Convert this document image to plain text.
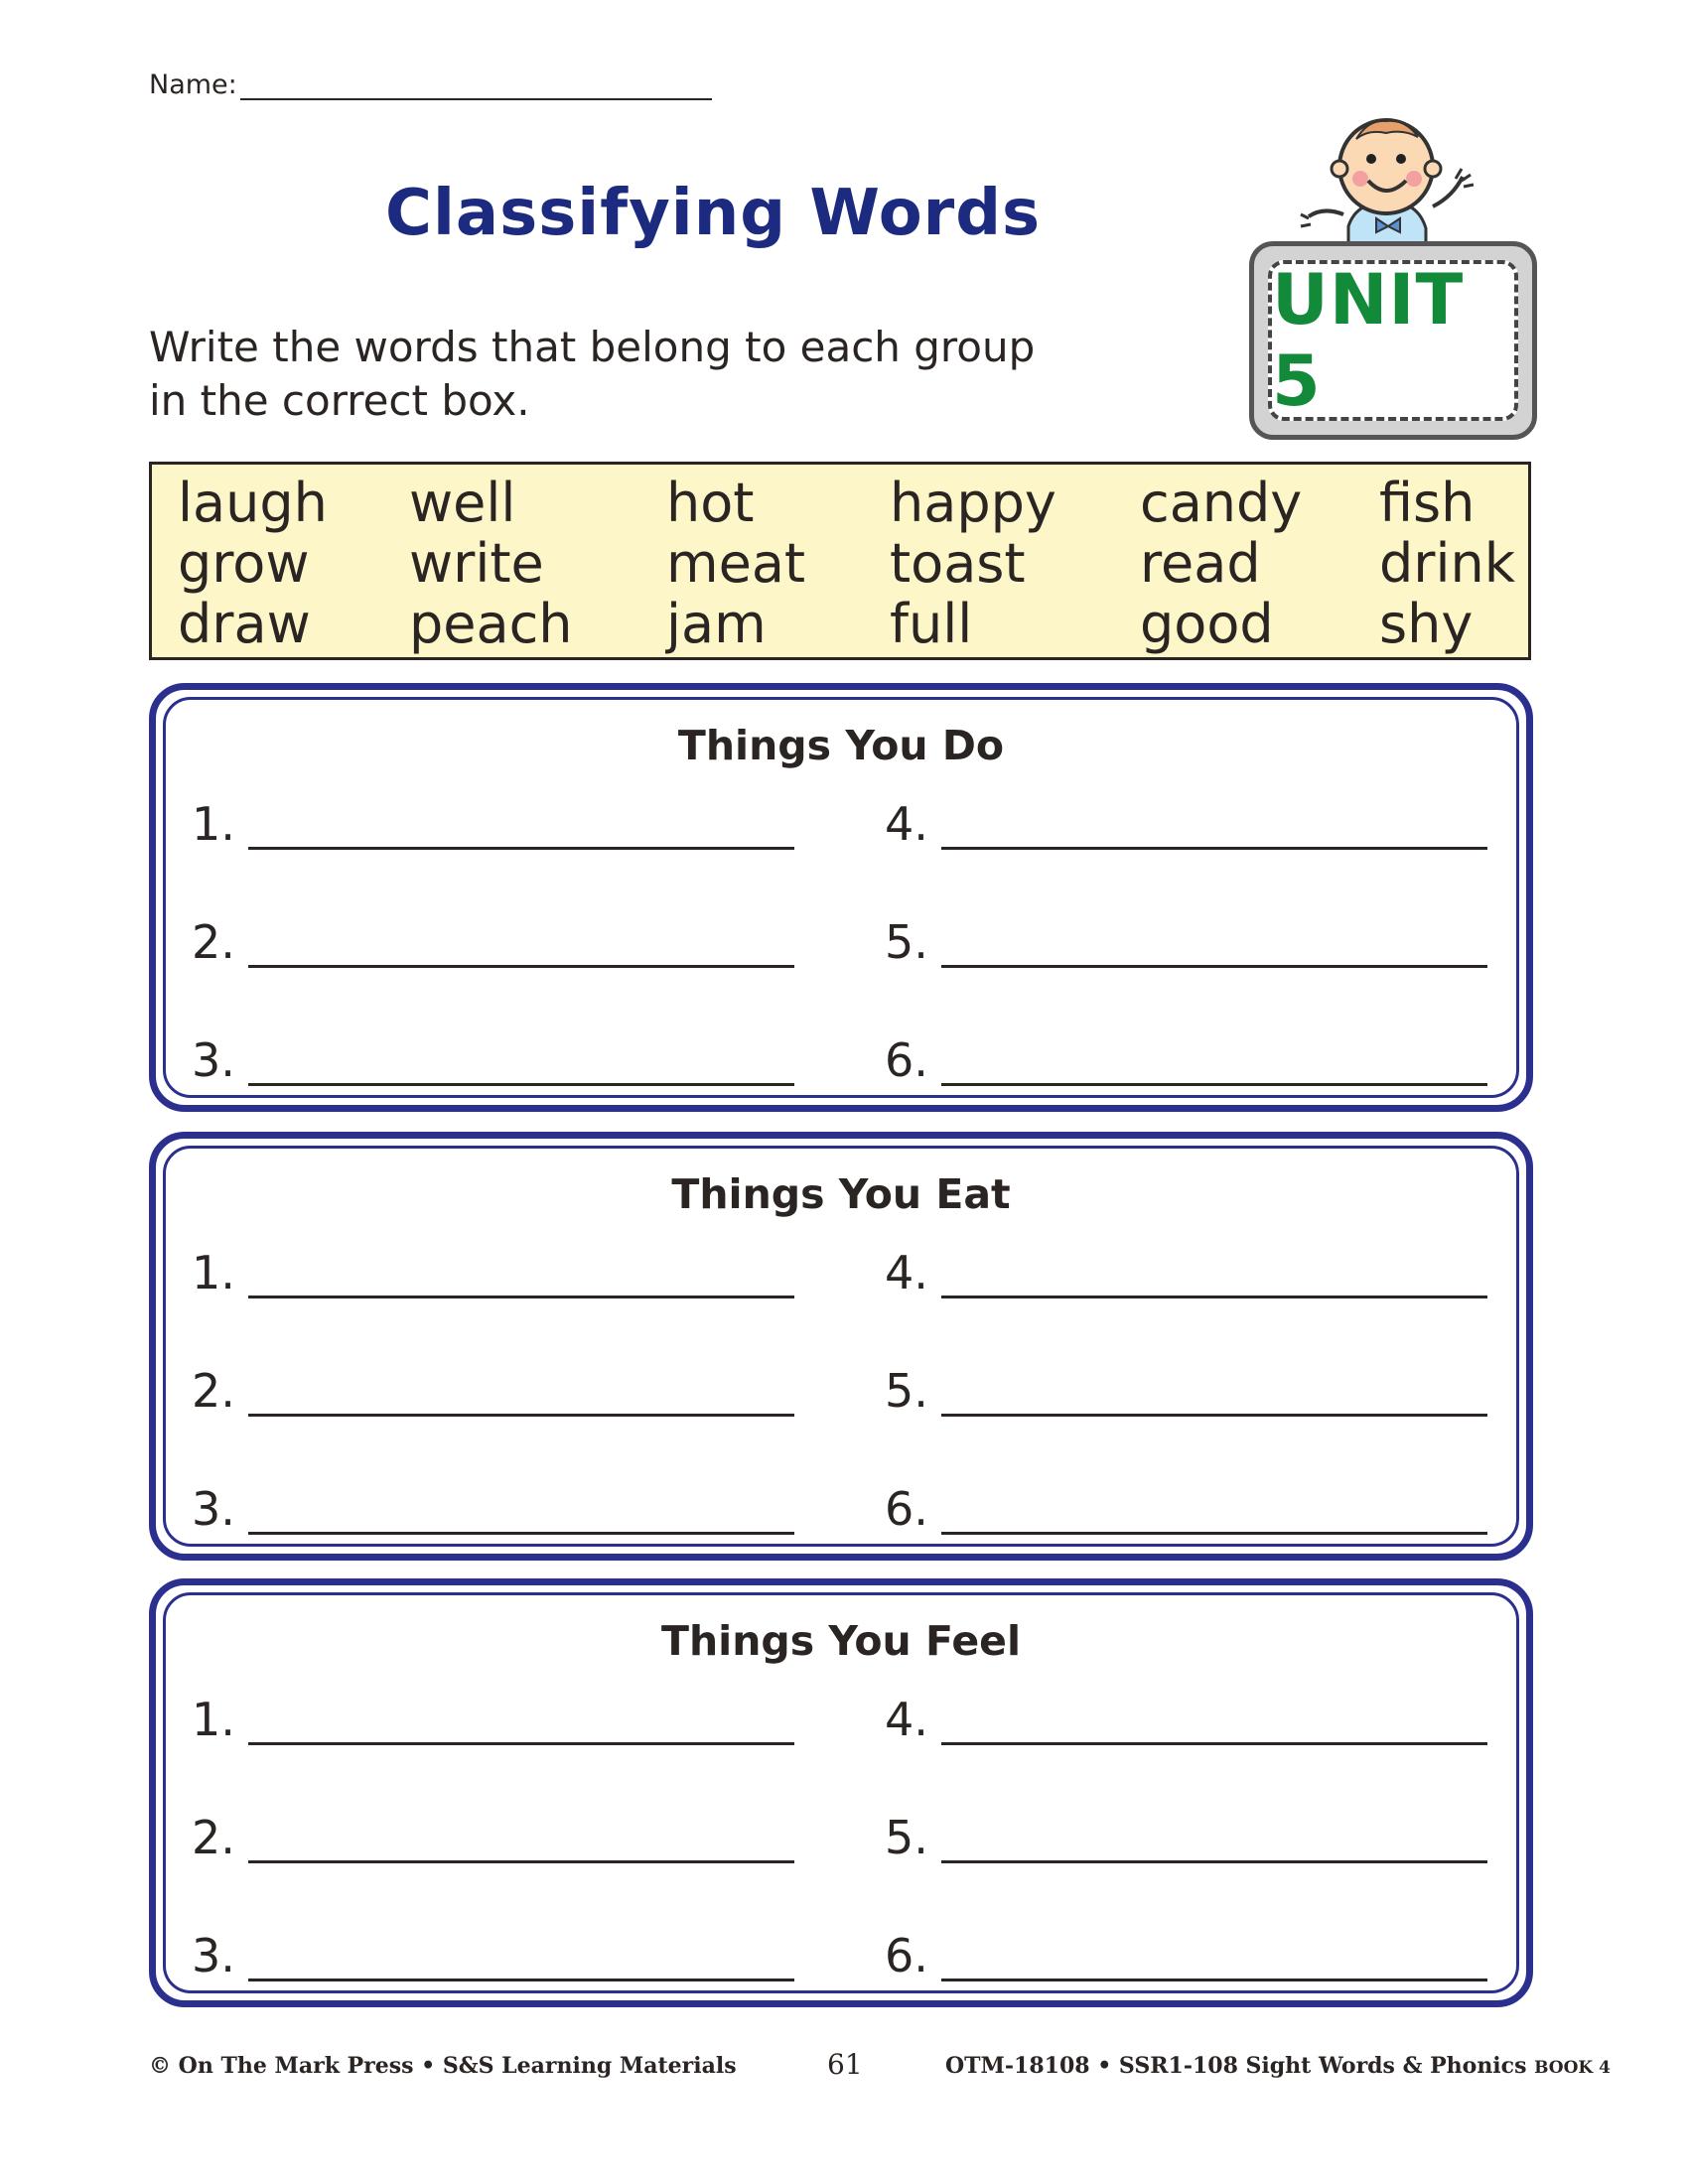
Name:
Classifying Words
Write the words that belong to each group
in the correct box.
UNIT 5
laugh
grow
draw
well
write
peach
hot
meat
jam
happy
toast
full
candy
read
good
fish
drink
shy
Things You Do
1.
2.
3.
4.
5.
6.
Things You Eat
1.
2.
3.
4.
5.
6.
Things You Feel
1.
2.
3.
4.
5.
6.
© On The Mark Press • S&S Learning Materials	61	OTM-18108 • SSR1-108 Sight Words & Phonics BOOK 4
